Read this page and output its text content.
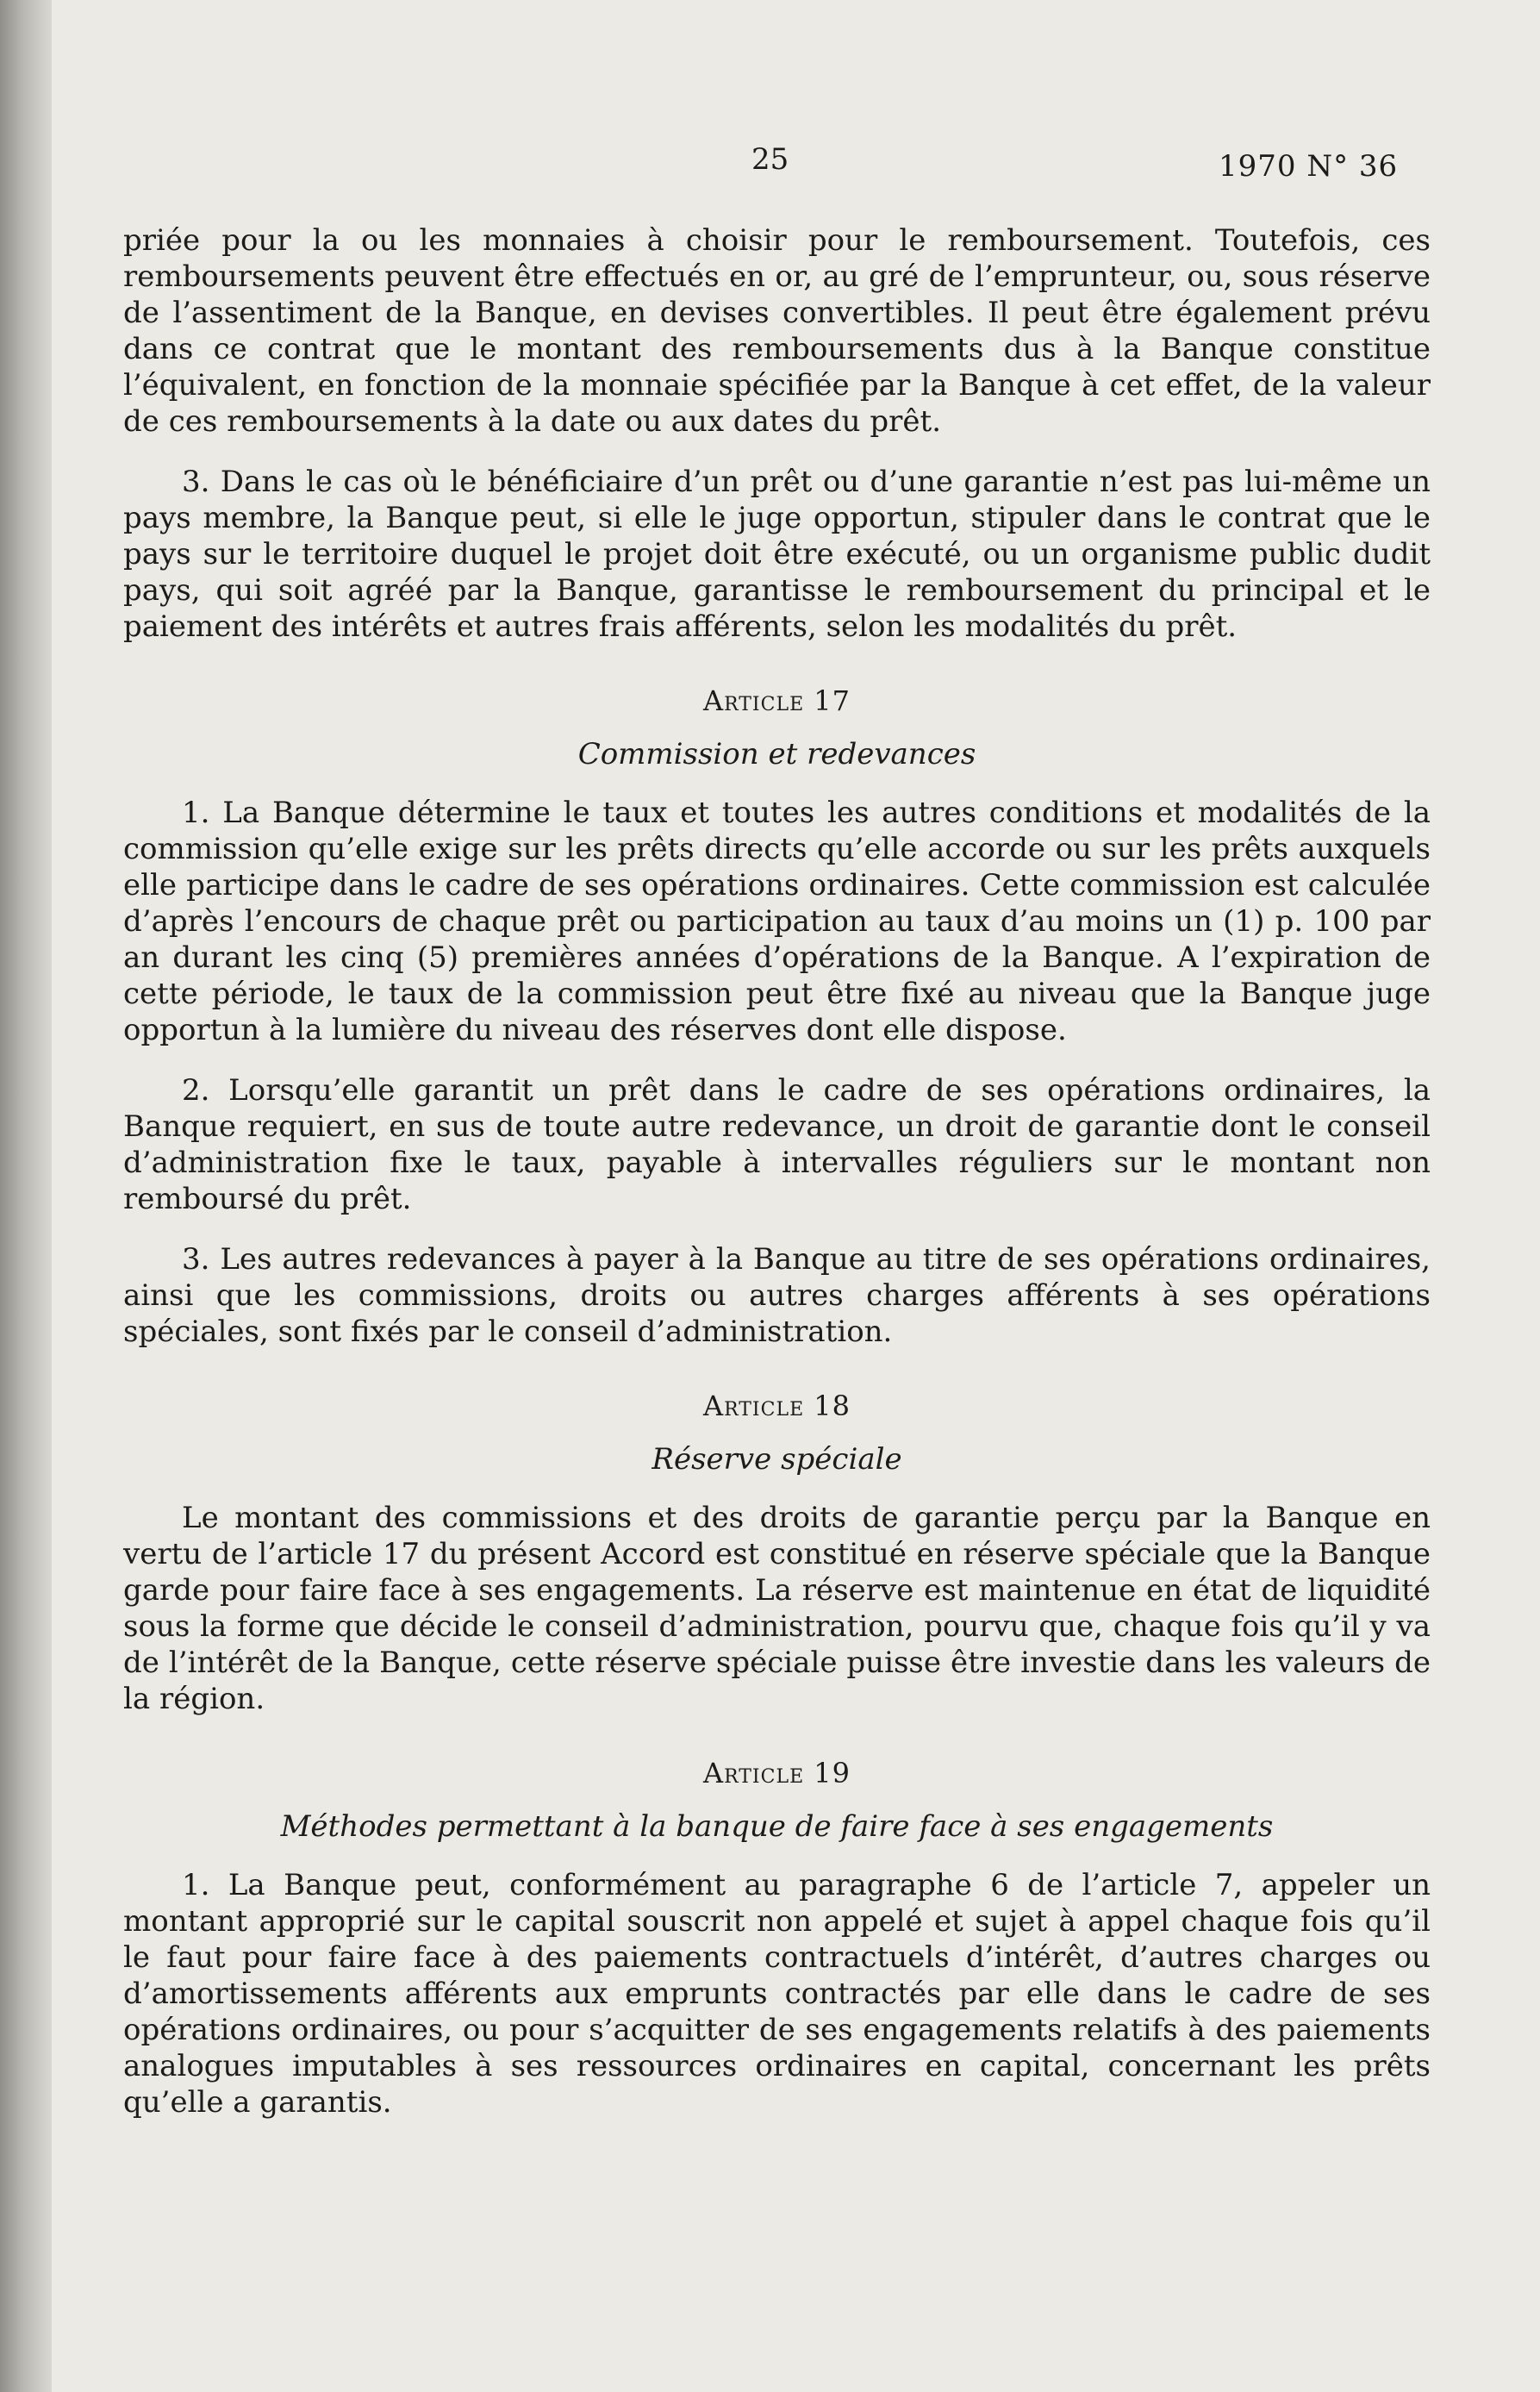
25	1970 N° 36

priée pour la ou les monnaies à choisir pour le remboursement. Toutefois, ces remboursements peuvent être effectués en or, au gré de l’emprunteur, ou, sous réserve de l’assentiment de la Banque, en devises convertibles. Il peut être également prévu dans ce contrat que le montant des remboursements dus à la Banque constitue l’équivalent, en fonction de la monnaie spécifiée par la Banque à cet effet, de la valeur de ces remboursements à la date ou aux dates du prêt.

3. Dans le cas où le bénéficiaire d’un prêt ou d’une garantie n’est pas lui-même un pays membre, la Banque peut, si elle le juge opportun, stipuler dans le contrat que le pays sur le territoire duquel le projet doit être exécuté, ou un organisme public dudit pays, qui soit agréé par la Banque, garantisse le remboursement du principal et le paiement des intérêts et autres frais afférents, selon les modalités du prêt.

Article 17
Commission et redevances

1. La Banque détermine le taux et toutes les autres conditions et modalités de la commission qu’elle exige sur les prêts directs qu’elle accorde ou sur les prêts auxquels elle participe dans le cadre de ses opérations ordinaires. Cette commission est calculée d’après l’encours de chaque prêt ou participation au taux d’au moins un (1) p. 100 par an durant les cinq (5) premières années d’opérations de la Banque. A l’expiration de cette période, le taux de la commission peut être fixé au niveau que la Banque juge opportun à la lumière du niveau des réserves dont elle dispose.

2. Lorsqu’elle garantit un prêt dans le cadre de ses opérations ordinaires, la Banque requiert, en sus de toute autre redevance, un droit de garantie dont le conseil d’administration fixe le taux, payable à intervalles réguliers sur le montant non remboursé du prêt.

3. Les autres redevances à payer à la Banque au titre de ses opérations ordinaires, ainsi que les commissions, droits ou autres charges afférents à ses opérations spéciales, sont fixés par le conseil d’administration.

Article 18
Réserve spéciale

Le montant des commissions et des droits de garantie perçu par la Banque en vertu de l’article 17 du présent Accord est constitué en réserve spéciale que la Banque garde pour faire face à ses engagements. La réserve est maintenue en état de liquidité sous la forme que décide le conseil d’administration, pourvu que, chaque fois qu’il y va de l’intérêt de la Banque, cette réserve spéciale puisse être investie dans les valeurs de la région.

Article 19
Méthodes permettant à la banque de faire face à ses engagements

1. La Banque peut, conformément au paragraphe 6 de l’article 7, appeler un montant approprié sur le capital souscrit non appelé et sujet à appel chaque fois qu’il le faut pour faire face à des paiements contractuels d’intérêt, d’autres charges ou d’amortissements afférents aux emprunts contractés par elle dans le cadre de ses opérations ordinaires, ou pour s’acquitter de ses engagements relatifs à des paiements analogues imputables à ses ressources ordinaires en capital, concernant les prêts qu’elle a garantis.
